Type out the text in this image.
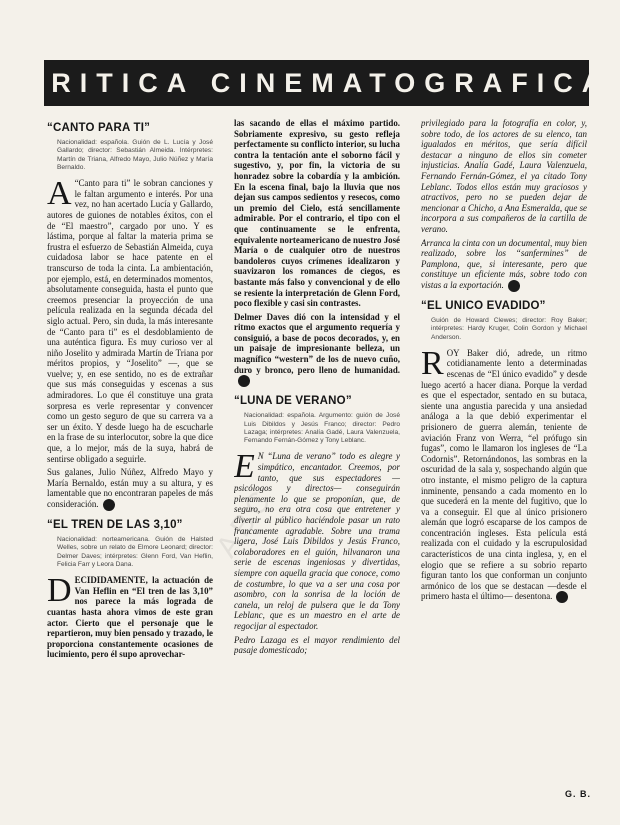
CRITICA CINEMATOGRAFICA
ABC
“CANTO PARA TI”
Nacionalidad: española. Guión de L. Lucía y José Gallardo; director: Sebastián Almeida. Intérpretes: Martín de Triana, Alfredo Mayo, Julio Núñez y María Bernaldo.

A “Canto para ti” le sobran canciones y le faltan argumento e interés. Por una vez, no han acertado Lucía y Gallardo, autores de guiones de notables éxitos, con el de “El maestro”, cargado por uno. Y es lástima, porque al faltar la materia prima se frustra el esfuerzo de Sebastián Almeida, cuya cuidadosa labor se hace patente en el transcurso de toda la cinta. La ambientación, por ejemplo, está, en determinados momentos, absolutamente conseguida, hasta el punto que creemos presenciar la proyección de una película realizada en la segunda década del siglo actual. Pero, sin duda, la más interesante de “Canto para ti” es el desdoblamiento de una auténtica figura. Es muy curioso ver al niño Joselito y admirada Martín de Triana por méritos propios, y “Joselito” —, que se vuelve; y, en ese sentido, no es de extrañar que sus más conseguidas y escenas a sus admiradores. Lo que él constituye una grata sorpresa es verle representar y convencer como un gesto seguro de que su carrera va a ser un éxito. Y desde luego ha de escucharle en la frase de su interlocutor, sobre la que dice que, a lo mejor, más de la suya, habrá de sentirse obligado a seguirle.

Sus galanes, Julio Núñez, Alfredo Mayo y María Bernaldo, están muy a su altura, y es lamentable que no encontraran papeles de más consideración.

“EL TREN DE LAS 3,10”
Nacionalidad: norteamericana. Guión de Halsted Welles, sobre un relato de Elmore Leonard; director: Delmer Daves; intérpretes: Glenn Ford, Van Heflin, Felicia Farr y Leora Dana.

DECIDIDAMENTE, la actuación de Van Heflin en “El tren de las 3,10” nos parece la más lograda de cuantas hasta ahora vimos de este gran actor. Cierto que el personaje que le repartieron, muy bien pensado y trazado, le proporciona constantemente ocasiones de lucimiento, pero él supo aprovechar-

las sacando de ellas el máximo partido. Sobriamente expresivo, su gesto refleja perfectamente su conflicto interior, su lucha contra la tentación ante el soborno fácil y sugestivo, y, por fin, la victoria de su honradez sobre la cobardía y la ambición. En la escena final, bajo la lluvia que nos dejan sus campos sedientos y resecos, como un premio del Cielo, está sencillamente admirable. Por el contrario, el tipo con el que continuamente se le enfrenta, equivalente norteamericano de nuestro José María o de cualquier otro de nuestros bandoleros cuyos crímenes idealizaron y suavizaron los romances de ciegos, es bastante más falso y convencional y de ello se resiente la interpretación de Glenn Ford, poco flexible y casi sin contrastes.

Delmer Daves dió con la intensidad y el ritmo exactos que el argumento requería y consiguió, a base de pocos decorados, y, en un paisaje de impresionante belleza, un magnífico “western” de los de nuevo cuño, duro y bronco, pero lleno de humanidad.

“LUNA DE VERANO”
Nacionalidad: española. Argumento: guión de José Luis Dibildos y Jesús Franco; director: Pedro Lazaga; intérpretes: Analía Gadé, Laura Valenzuela, Fernando Fernán-Gómez y Tony Leblanc.

E N “Luna de verano” todo es alegre y simpático, encantador. Creemos, por tanto, que sus espectadores —psicólogos y directos— conseguirán plenamente lo que se proponían, que, de seguro, no era otra cosa que entretener y divertir al público haciéndole pasar un rato francamente agradable. Sobre una trama ligera, José Luis Dibildos y Jesús Franco, colaboradores en el guión, hilvanaron una serie de escenas ingeniosas y divertidas, siempre con aquella gracia que conoce, como de costumbre, lo que va a ser una cosa por asombro, con la sonrisa de la loción de canela, un reloj de pulsera que le da Tony Leblanc, que es un maestro en el arte de regocijar al espectador.

Pedro Lazaga es el mayor rendimiento del pasaje domesticado;

privilegiado para la fotografía en color, y, sobre todo, de los actores de su elenco, tan igualados en méritos, que sería difícil destacar a ninguno de ellos sin cometer injusticias. Analía Gadé, Laura Valenzuela, Fernando Fernán-Gómez, el ya citado Tony Leblanc. Todos ellos están muy graciosos y atractivos, pero no se pueden dejar de mencionar a Chicho, a Ana Esmeralda, que se incorpora a sus compañeros de la cartilla de verano.

Arranca la cinta con un documental, muy bien realizado, sobre los “sanfermines” de Pamplona, que, si interesante, pero que constituye un eficiente más, sobre todo con vistas a la exportación.

“EL UNICO EVADIDO”
Guión de Howard Clewes; director: Roy Baker; intérpretes: Hardy Kruger, Colin Gordon y Michael Anderson.

ROY Baker dió, adrede, un ritmo cotidianamente lento a determinadas escenas de “El único evadido” y desde luego acertó a hacer diana. Porque la verdad es que el espectador, sentado en su butaca, siente una angustia parecida y una ansiedad análoga a la que debió experimentar el prisionero de guerra alemán, teniente de aviación Franz von Werra, “el prófugo sin fugas”, como le llamaron los ingleses de “La Codornis”. Retornándonos, las sombras en la oscuridad de la sala y, sospechando algún que otro instante, el mismo peligro de la captura inminente, pensando a cada momento en lo que sucederá en la mente del fugitivo, que lo va a conseguir. El que al único prisionero alemán que logró escaparse de los campos de concentración ingleses. Esta película está realizada con el cuidado y la escrupulosidad característicos de una cinta inglesa, y, en el elogio que se refiere a su sobrio reparto figuran tanto los que conforman un conjunto armónico de los que se destacan —desde el primero hasta el último— desentona.

G. B.
